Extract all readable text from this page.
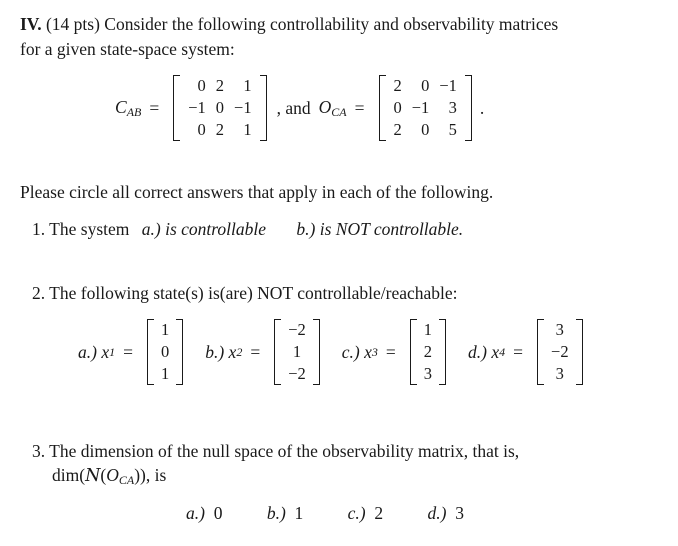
IV. (14 pts) Consider the following controllability and observability matrices
for a given state-space system:
$C_{AB}$ =
0	2	1
−1	0	−1
0	2	1
, and $O_{CA}$ =
2	0	−1
0	−1	3
2	0	5
.
Please circle all correct answers that apply in each of the following.
1. The system a.) is controllable b.) is NOT controllable.
2. The following state(s) is(are) NOT controllable/reachable:
a.) x 1 =
1
0
1
b.) x 2 =
−2
1
−2
c.) x 3 =
1
2
3
d.) x 4 =
3
−2
3
3. The dimension of the null space of the observability matrix, that is,
$dim(N(O_{CA}))$, is
a.) 0	b.) 1	c.) 2	d.) 3
